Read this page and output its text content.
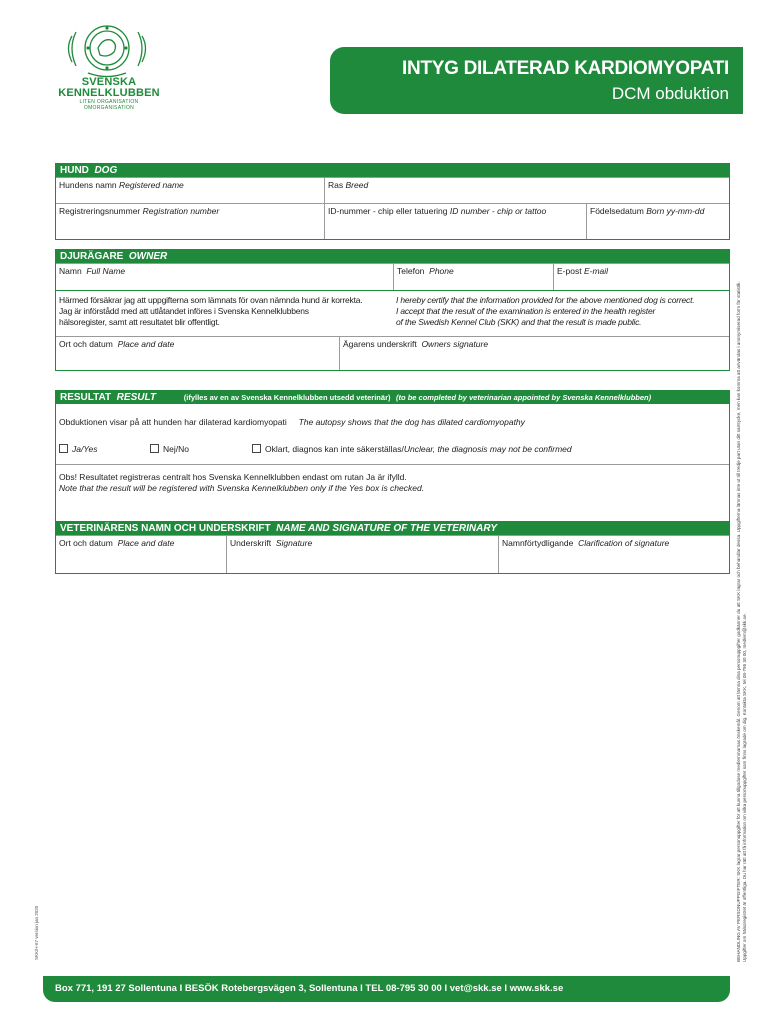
SVENSKA
KENNELKLUBBEN
LITEN ORGANISATION OMORGANISATION
INTYG DILATERAD KARDIOMYOPATI
DCM obduktion
HUND DOG
Hundens namn Registered name	Ras Breed
Registreringsnummer Registration number	ID-nummer - chip eller tatuering ID number - chip or tattoo	Födelsedatum Born yy-mm-dd
DJURÄGARE OWNER
Namn Full Name	Telefon Phone	E-post E-mail
Härmed försäkrar jag att uppgifterna som lämnats för ovan nämnda hund är korrekta.
Jag är införstådd med att utlåtandet införes i Svenska Kennelklubbens
hälsoregister, samt att resultatet blir offentligt.
I hereby certify that the information provided for the above mentioned dog is correct.
I accept that the result of the examination is entered in the health register
of the Swedish Kennel Club (SKK) and that the result is made public.
Ort och datum Place and date	Ägarens underskrift Owners signature
RESULTAT RESULT	(ifylles av en av Svenska Kennelklubben utsedd veterinär) (to be completed by veterinarian appointed by Svenska Kennelklubben)
Obduktionen visar på att hunden har dilaterad kardiomyopati The autopsy shows that the dog has dilated cardiomyopathy
Ja/Yes	Nej/No	Oklart, diagnos kan inte säkerställas/Unclear, the diagnosis may not be confirmed
Obs! Resultatet registreras centralt hos Svenska Kennelklubben endast om rutan Ja är ifylld.
Note that the result will be registered with Svenska Kennelklubben only if the Yes box is checked.
VETERINÄRENS NAMN OCH UNDERSKRIFT NAME AND SIGNATURE OF THE VETERINARY
Ort och datum Place and date	Underskrift Signature	Namnförtydligande Clarification of signature
Box 771, 191 27 Sollentuna I BESÖK Rotebergsvägen 3, Sollentuna I TEL 08-795 30 00 I vet@skk.se I www.skk.se
BEHANDLING AV PERSONUPPGIFTER: SKK lagrar personuppgifter för att kunna tillgodose medlemmarnas önskemål. Genom att lämna dina personuppgifter godkänner du att SKK lagrar och behandlar dessa. Uppgifterna lämnas inte ut till tredje part utan ditt samtycke, men kan komma att användas i anonymiserad form för statistik. Uppgifter om hälsoregistret är offentliga. Du har rätt att få information om vilka personuppgifter som finns lagrade om dig. Kontakta SKK, tel 08-795 30 00, medlem@skk.se.
SKK/H-67 version jan 2020
